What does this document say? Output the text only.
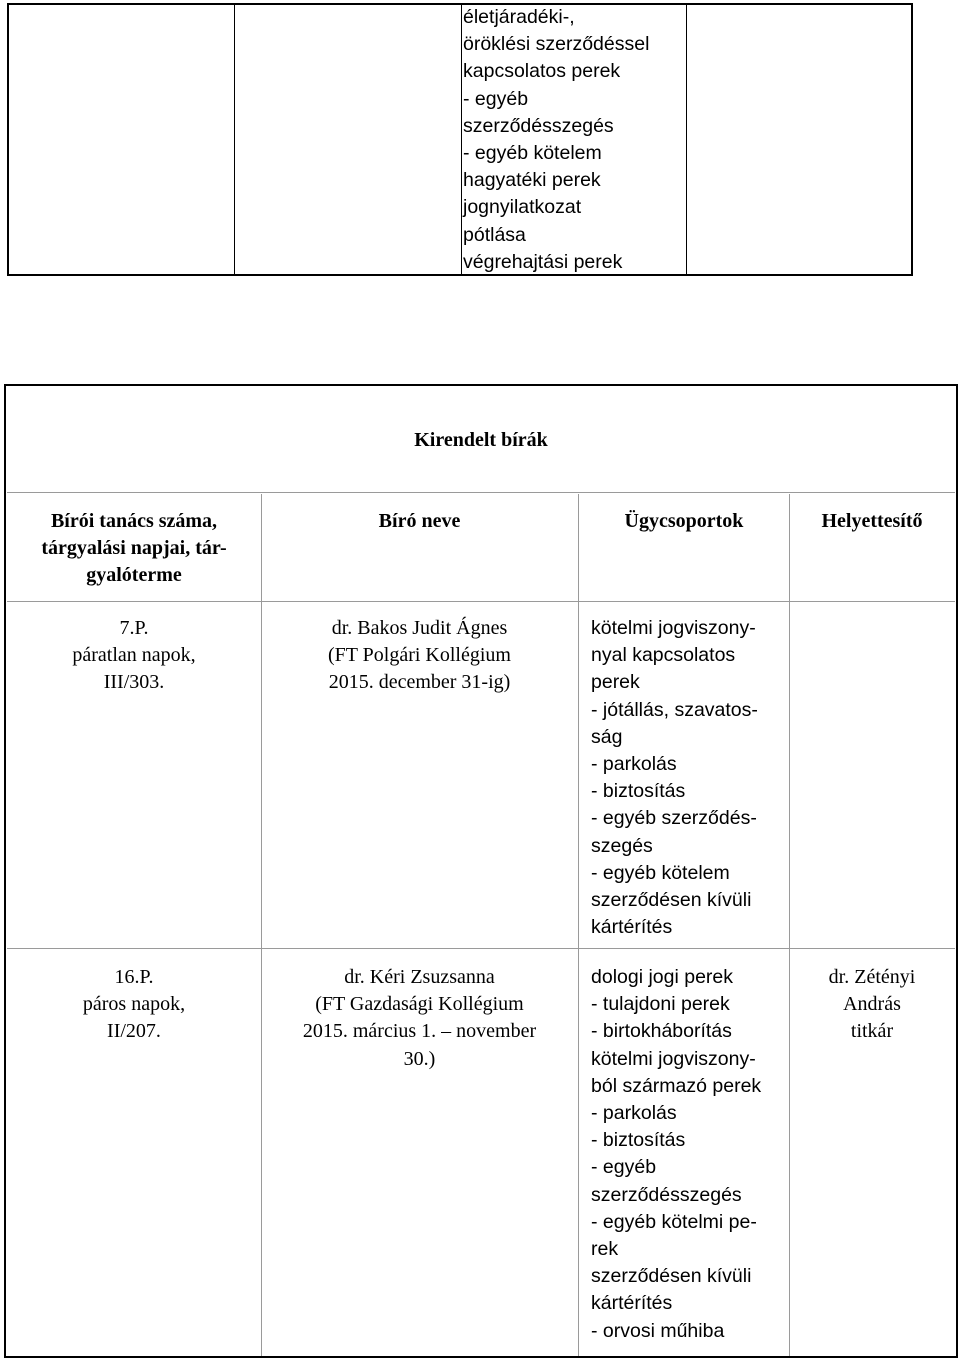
életjáradéki-,
öröklési szerződéssel
kapcsolatos perek
- egyéb
szerződésszegés
- egyéb kötelem
hagyatéki perek
jognyilatkozat
pótlása
végrehajtási perek
Kirendelt bírák
Bírói tanács száma,
tárgyalási napjai, tár-
gyalóterme
Bíró neve	Ügycsoportok	Helyettesítő
7.P.
páratlan napok,
III/303.
dr. Bakos Judit Ágnes
(FT Polgári Kollégium
2015. december 31-ig)
kötelmi jogviszony-
nyal kapcsolatos
perek
- jótállás, szavatos-
ság
- parkolás
- biztosítás
- egyéb szerződés-
szegés
- egyéb kötelem
szerződésen kívüli
kártérítés
16.P.
páros napok,
II/207.
dr. Kéri Zsuzsanna
(FT Gazdasági Kollégium
2015. március 1. – november
30.)
dologi jogi perek
- tulajdoni perek
- birtokháborítás
kötelmi jogviszony-
ból származó perek
- parkolás
- biztosítás
- egyéb
szerződésszegés
- egyéb kötelmi pe-
rek
szerződésen kívüli
kártérítés
- orvosi műhiba
dr. Zétényi
András
titkár
